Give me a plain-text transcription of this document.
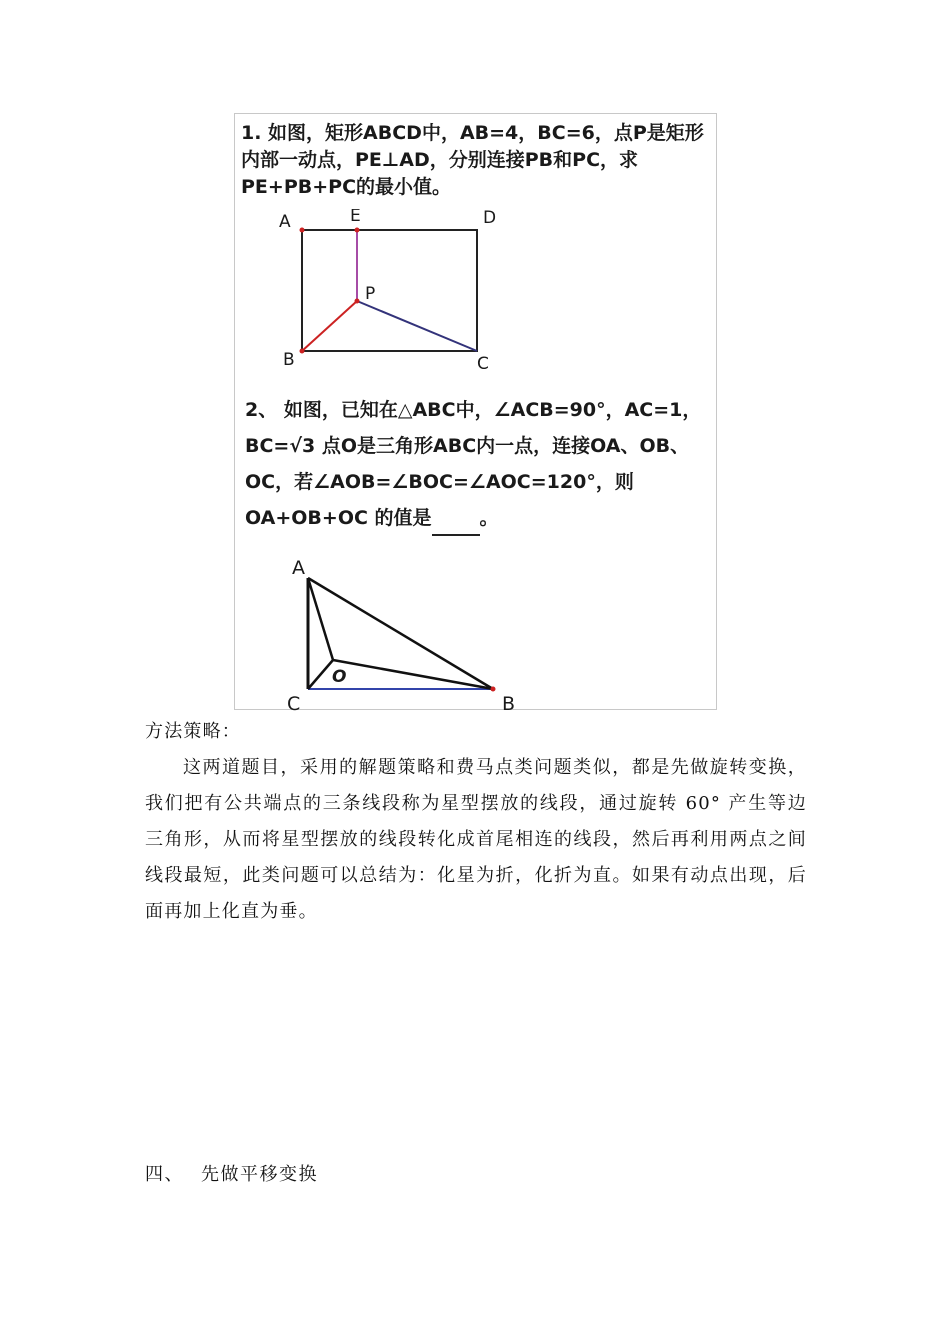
1. 如图，矩形ABCD中，AB=4，BC=6，点P是矩形内部一动点，PE⊥AD，分别连接PB和PC，求PE+PB+PC的最小值。

A	E	D
P
B	C

2、 如图，已知在△ABC中，∠ACB=90°，AC=1，BC=√3 点O是三角形ABC内一点，连接OA、OB、OC，若∠AOB=∠BOC=∠AOC=120°，则OA+OB+OC 的值是	。

A
O
C	B

方法策略：

这两道题目，采用的解题策略和费马点类问题类似，都是先做旋转变换，我们把有公共端点的三条线段称为星型摆放的线段，通过旋转 60° 产生等边三角形，从而将星型摆放的线段转化成首尾相连的线段，然后再利用两点之间线段最短，此类问题可以总结为：化星为折，化折为直。如果有动点出现，后面再加上化直为垂。

四、 先做平移变换
